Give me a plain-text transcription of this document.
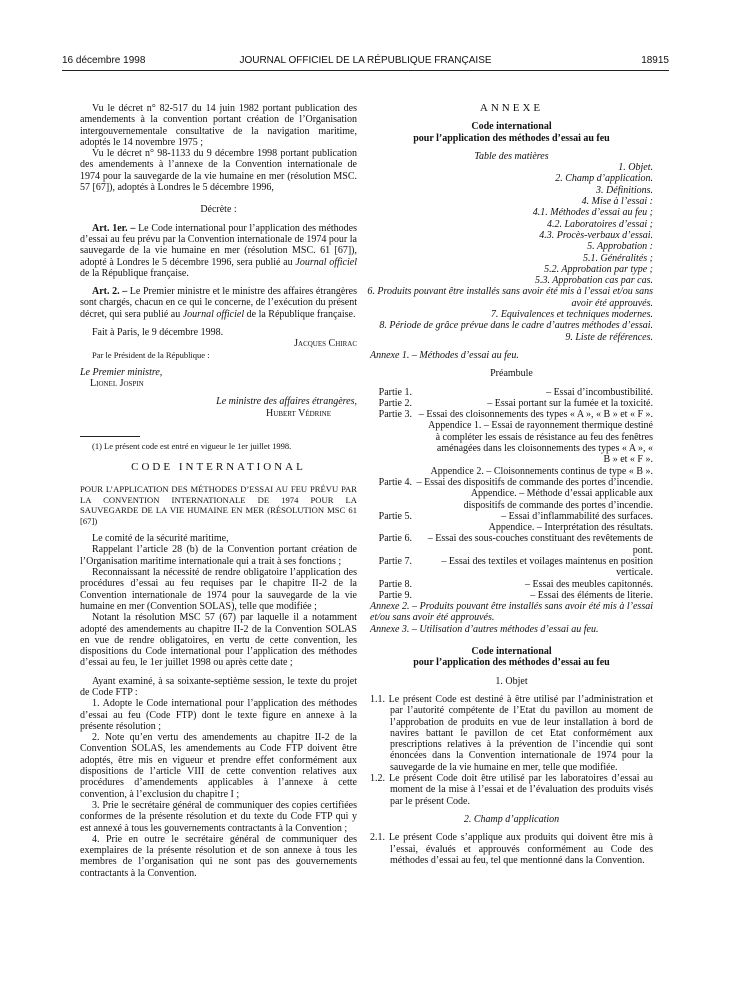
16 décembre 1998	JOURNAL OFFICIEL DE LA RÉPUBLIQUE FRANÇAISE	18915

Vu le décret n° 82-517 du 14 juin 1982 portant publication des amendements à la convention portant création de l’Organisation intergouvernementale consultative de la navigation maritime, adoptés le 14 novembre 1975 ;

Vu le décret n° 98-1133 du 9 décembre 1998 portant publication des amendements à l’annexe de la Convention internationale de 1974 pour la sauvegarde de la vie humaine en mer (résolution MSC. 57 [67]), adoptés à Londres le 5 décembre 1996,

Décrète :

Art. 1er. – Le Code international pour l’application des méthodes d’essai au feu prévu par la Convention internationale de 1974 pour la sauvegarde de la vie humaine en mer (résolution MSC. 61 [67]), adopté à Londres le 5 décembre 1996, sera publié au Journal officiel de la République française.

Art. 2. – Le Premier ministre et le ministre des affaires étrangères sont chargés, chacun en ce qui le concerne, de l’exécution du présent décret, qui sera publié au Journal officiel de la République française.

Fait à Paris, le 9 décembre 1998.

Jacques Chirac

Par le Président de la République :

Le Premier ministre,

Lionel Jospin

Le ministre des affaires étrangères,

Hubert Védrine

(1) Le présent code est entré en vigueur le 1er juillet 1998.

CODE INTERNATIONAL

POUR L’APPLICATION DES MÉTHODES D’ESSAI AU FEU PRÉVU PAR LA CONVENTION INTERNATIONALE DE 1974 POUR LA SAUVEGARDE DE LA VIE HUMAINE EN MER (RÉSOLUTION MSC 61 [67])

Le comité de la sécurité maritime,

Rappelant l’article 28 (b) de la Convention portant création de l’Organisation maritime internationale qui a trait à ses fonctions ;

Reconnaissant la nécessité de rendre obligatoire l’application des procédures d’essai au feu requises par le chapitre II-2 de la Convention internationale de 1974 pour la sauvegarde de la vie humaine en mer (Convention SOLAS), telle que modifiée ;

Notant la résolution MSC 57 (67) par laquelle il a notamment adopté des amendements au chapitre II-2 de la Convention SOLAS en vue de rendre obligatoires, en vertu de cette convention, les dispositions du Code international pour l’application des méthodes d’essai au feu, le 1er juillet 1998 ou après cette date ;

Ayant examiné, à sa soixante-septième session, le texte du projet de Code FTP :

1. Adopte le Code international pour l’application des méthodes d’essai au feu (Code FTP) dont le texte figure en annexe à la présente résolution ;

2. Note qu’en vertu des amendements au chapitre II-2 de la Convention SOLAS, les amendements au Code FTP doivent être adoptés, être mis en vigueur et prendre effet conformément aux dispositions de l’article VIII de cette convention relatives aux procédures d’amendements applicables à l’annexe à cette convention, à l’exclusion du chapitre I ;

3. Prie le secrétaire général de communiquer des copies certifiées conformes de la présente résolution et du texte du Code FTP qui y est annexé à tous les gouvernements contractants à la Convention ;

4. Prie en outre le secrétaire général de communiquer des exemplaires de la présente résolution et de son annexe à tous les membres de l’organisation qui ne sont pas des gouvernements contractants à la Convention.

ANNEXE

Code international

pour l’application des méthodes d’essai au feu

Table des matières

1. Objet.
2. Champ d’application.
3. Définitions.
4. Mise à l’essai :
4.1. Méthodes d’essai au feu ;
4.2. Laboratoires d’essai ;
4.3. Procès-verbaux d’essai.
5. Approbation :
5.1. Généralités ;
5.2. Approbation par type ;
5.3. Approbation cas par cas.
6. Produits pouvant être installés sans avoir été mis à l’essai et/ou sans avoir été approuvés.
7. Equivalences et techniques modernes.
8. Période de grâce prévue dans le cadre d’autres méthodes d’essai.
9. Liste de références.

Annexe 1. – Méthodes d’essai au feu.

Préambule

Partie 1.	– Essai d’incombustibilité.
Partie 2.	– Essai portant sur la fumée et la toxicité.
Partie 3. – Essai des cloisonnements des types « A », « B » et « F ».
Appendice 1. – Essai de rayonnement thermique destiné à compléter les essais de résistance au feu des fenêtres aménagées dans les cloisonnements des types « A », « B » et « F ».
Appendice 2. – Cloisonnements continus de type « B ».
Partie 4. – Essai des dispositifs de commande des portes d’incendie.
Appendice. – Méthode d’essai applicable aux dispositifs de commande des portes d’incendie.
Partie 5.	– Essai d’inflammabilité des surfaces.
Appendice. – Interprétation des résultats.
Partie 6.	– Essai des sous-couches constituant des revêtements de pont.
Partie 7.	– Essai des textiles et voilages maintenus en position verticale.
Partie 8.	– Essai des meubles capitonnés.
Partie 9.	– Essai des éléments de literie.

Annexe 2. – Produits pouvant être installés sans avoir été mis à l’essai et/ou sans avoir été approuvés.

Annexe 3. – Utilisation d’autres méthodes d’essai au feu.

Code international

pour l’application des méthodes d’essai au feu

1. Objet

1.1. Le présent Code est destiné à être utilisé par l’administration et par l’autorité compétente de l’Etat du pavillon au moment de l’approbation de produits en vue de leur installation à bord de navires battant le pavillon de cet Etat conformément aux prescriptions relatives à la prévention de l’incendie qui sont énoncées dans la Convention internationale de 1974 pour la sauvegarde de la vie humaine en mer, telle que modifiée.

1.2. Le présent Code doit être utilisé par les laboratoires d’essai au moment de la mise à l’essai et de l’évaluation des produits visés par le présent Code.

2. Champ d’application

2.1. Le présent Code s’applique aux produits qui doivent être mis à l’essai, évalués et approuvés conformément au Code des méthodes d’essai au feu, tel que mentionné dans la Convention.
